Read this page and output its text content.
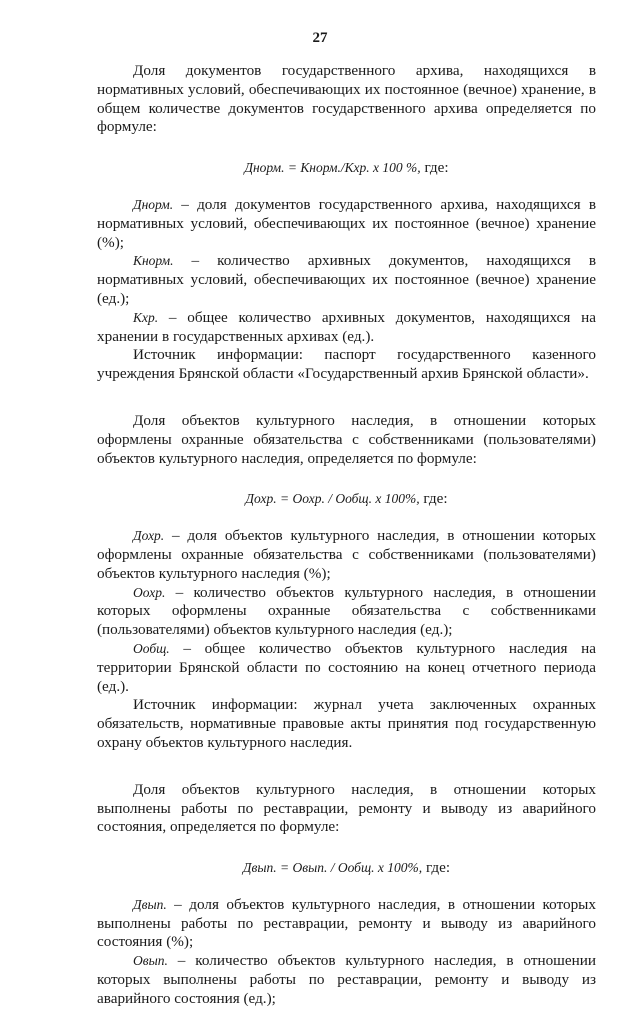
27

Доля документов государственного архива, находящихся в нормативных условий, обеспечивающих их постоянное (вечное) хранение, в общем количестве документов государственного архива определяется по формуле:

Днорм. = Кнорм./Кхр. х 100 %, где:

Днорм. – доля документов государственного архива, находящихся в нормативных условий, обеспечивающих их постоянное (вечное) хранение (%);

Кнорм. – количество архивных документов, находящихся в нормативных условий, обеспечивающих их постоянное (вечное) хранение (ед.);

Кхр. – общее количество архивных документов, находящихся на хранении в государственных архивах (ед.).

Источник информации: паспорт государственного казенного учреждения Брянской области «Государственный архив Брянской области».

Доля объектов культурного наследия, в отношении которых оформлены охранные обязательства с собственниками (пользователями) объектов культурного наследия, определяется по формуле:

Дохр. = Оохр. / Ообщ. х 100%, где:

Дохр. – доля объектов культурного наследия, в отношении которых оформлены охранные обязательства с собственниками (пользователями) объектов культурного наследия (%);

Оохр. – количество объектов культурного наследия, в отношении которых оформлены охранные обязательства с собственниками (пользователями) объектов культурного наследия (ед.);

Ообщ. – общее количество объектов культурного наследия на территории Брянской области по состоянию на конец отчетного периода (ед.).

Источник информации: журнал учета заключенных охранных обязательств, нормативные правовые акты принятия под государственную охрану объектов культурного наследия.

Доля объектов культурного наследия, в отношении которых выполнены работы по реставрации, ремонту и выводу из аварийного состояния, определяется по формуле:

Двып. = Овып. / Ообщ. х 100%, где:

Двып. – доля объектов культурного наследия, в отношении которых выполнены работы по реставрации, ремонту и выводу из аварийного состояния (%);

Овып. – количество объектов культурного наследия, в отношении которых выполнены работы по реставрации, ремонту и выводу из аварийного состояния (ед.);
